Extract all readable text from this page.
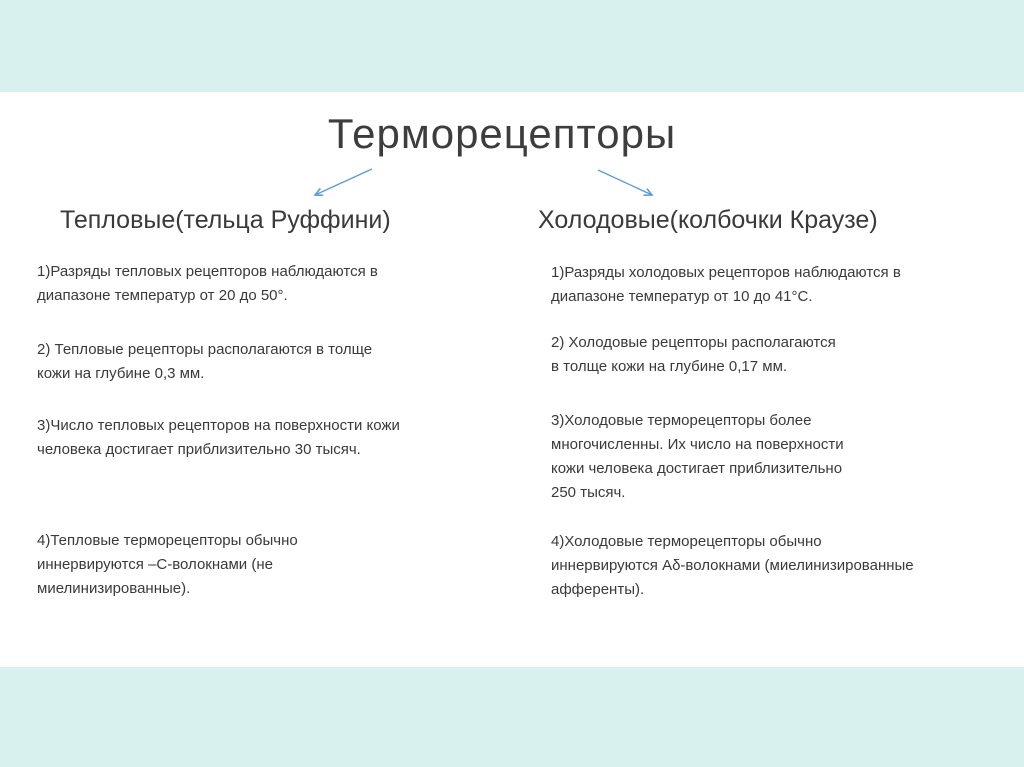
Терморецепторы
Тепловые(тельца Руффини)	Холодовые(колбочки Краузе)
1)Разряды тепловых рецепторов наблюдаются в
диапазоне температур от 20 до 50°.
2) Тепловые рецепторы располагаются в толще
кожи на глубине 0,3 мм.
3)Число тепловых рецепторов на поверхности кожи
человека достигает приблизительно 30 тысяч.
4)Тепловые терморецепторы обычно
иннервируются –С-волокнами (не
миелинизированные).
1)Разряды холодовых рецепторов наблюдаются в
диапазоне температур от 10 до 41°С.
2) Холодовые рецепторы располагаются
в толще кожи на глубине 0,17 мм.
3)Холодовые терморецепторы более
многочисленны. Их число на поверхности
кожи человека достигает приблизительно
250 тысяч.
4)Холодовые терморецепторы обычно
иннервируются Аδ-волокнами (миелинизированные
афференты).
